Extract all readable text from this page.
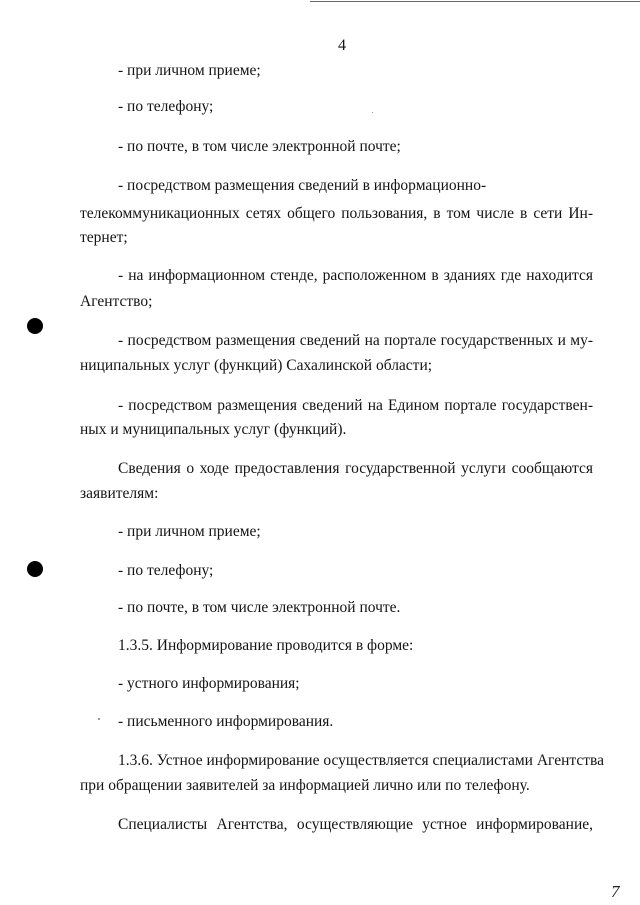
4
- при личном приеме;
- по телефону;
- по почте, в том числе электронной почте;
- посредством размещения сведений в информационно-
телекоммуникационных сетях общего пользования, в том числе в сети Ин-
тернет;
- на информационном стенде, расположенном в зданиях где находится
Агентство;
- посредством размещения сведений на портале государственных и му-
ниципальных услуг (функций) Сахалинской области;
- посредством размещения сведений на Едином портале государствен-
ных и муниципальных услуг (функций).
Сведения о ходе предоставления государственной услуги сообщаются
заявителям:
- при личном приеме;
- по телефону;
- по почте, в том числе электронной почте.
1.3.5. Информирование проводится в форме:
- устного информирования;
- письменного информирования.
1.3.6. Устное информирование осуществляется специалистами Агентства
при обращении заявителей за информацией лично или по телефону.
Специалисты Агентства, осуществляющие устное информирование,
7
